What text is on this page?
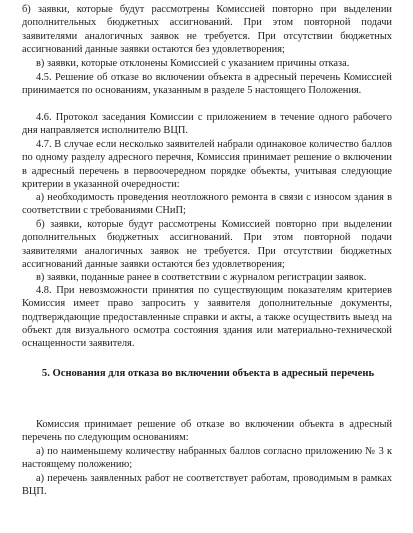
б) заявки, которые будут рассмотрены Комиссией повторно при выделении дополнительных бюджетных ассигнований. При этом повторной подачи заявителями аналогичных заявок не требуется. При отсутствии бюджетных ассигнований данные заявки остаются без удовлетворения;

в) заявки, которые отклонены Комиссией с указанием причины отказа.

4.5. Решение об отказе во включении объекта в адресный перечень Комиссией принимается по основаниям, указанным в разделе 5 настоящего Положения.

4.6. Протокол заседания Комиссии с приложением в течение одного рабочего дня направляется исполнителю ВЦП.

4.7. В случае если несколько заявителей набрали одинаковое количество баллов по одному разделу адресного перечня, Комиссия принимает решение о включении в адресный перечень в первоочередном порядке объекты, учитывая следующие критерии в указанной очередности:

а) необходимость проведения неотложного ремонта в связи с износом здания в соответствии с требованиями СНиП;

б) заявки, которые будут рассмотрены Комиссией повторно при выделении дополнительных бюджетных ассигнований. При этом повторной подачи заявителями аналогичных заявок не требуется. При отсутствии бюджетных ассигнований данные заявки остаются без удовлетворения;

в) заявки, поданные ранее в соответствии с журналом регистрации заявок.

4.8. При невозможности принятия по существующим показателям критериев Комиссия имеет право запросить у заявителя дополнительные документы, подтверждающие предоставленные справки и акты, а также осуществить выезд на объект для визуального осмотра состояния здания или материально-технической оснащенности заявителя.

5. Основания для отказа во включении объекта в адресный перечень

Комиссия принимает решение об отказе во включении объекта в адресный перечень по следующим основаниям:

а) по наименьшему количеству набранных баллов согласно приложению № 3 к настоящему положению;

а) перечень заявленных работ не соответствует работам, проводимым в рамках ВЦП.
